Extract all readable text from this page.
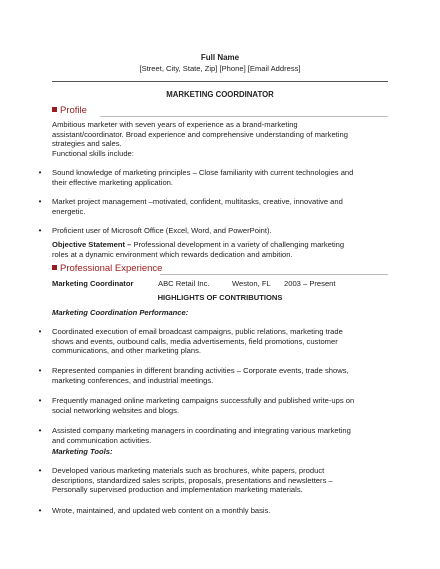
Full Name
[Street, City, State, Zip] [Phone] [Email Address]
MARKETING COORDINATOR
Profile
Ambitious marketer with seven years of experience as a brand-marketing
assistant/coordinator. Broad experience and comprehensive understanding of marketing
strategies and sales.
Functional skills include:
• Sound knowledge of marketing principles – Close familiarity with current technologies and
their effective marketing application.
• Market project management –motivated, confident, multitasks, creative, innovative and
energetic.
• Proficient user of Microsoft Office (Excel, Word, and PowerPoint).
Objective Statement – Professional development in a variety of challenging marketing
roles at a dynamic environment which rewards dedication and ambition.
Professional Experience
Marketing Coordinator	ABC Retail Inc.	Weston, FL 2003 – Present
HIGHLIGHTS OF CONTRIBUTIONS
Marketing Coordination Performance:
• Coordinated execution of email broadcast campaigns, public relations, marketing trade
shows and events, outbound calls, media advertisements, field promotions, customer
communications, and other marketing plans.
• Represented companies in different branding activities – Corporate events, trade shows,
marketing conferences, and industrial meetings.
• Frequently managed online marketing campaigns successfully and published write-ups on
social networking websites and blogs.
• Assisted company marketing managers in coordinating and integrating various marketing
and communication activities.
Marketing Tools:
• Developed various marketing materials such as brochures, white papers, product
descriptions, standardized sales scripts, proposals, presentations and newsletters –
Personally supervised production and implementation marketing materials.
• Wrote, maintained, and updated web content on a monthly basis.
